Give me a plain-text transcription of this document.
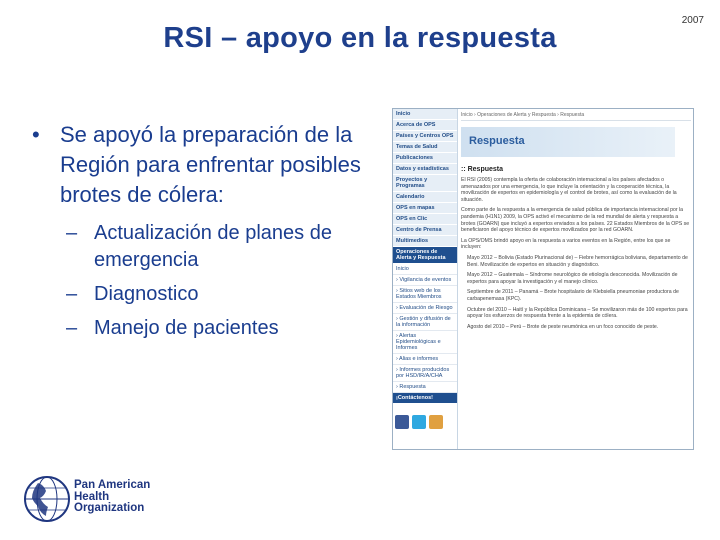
2007
RSI – apoyo en la respuesta
• Se apoyó la preparación de la Región para enfrentar posibles brotes de cólera:
– Actualización de planes de emergencia
– Diagnostico
– Manejo de pacientes
Inicio
Acerca de OPS
Países y Centros OPS
Temas de Salud
Publicaciones
Datos y estadísticas
Proyectos y Programas
Calendario
OPS en mapas
OPS en Clic
Centro de Prensa
Multimedios
Operaciones de Alerta y Respuesta
Inicio
› Vigilancia de eventos
› Sitios web de los Estados Miembros
› Evaluación de Riesgo
› Gestión y difusión de la información
› Alertas Epidemiológicas e Informes
› Alias e informes
› Informes producidos por HSD/IR/A/CHA
› Respuesta
¡Contáctenos!
Inicio › Operaciones de Alerta y Respuesta › Respuesta
Respuesta
:: Respuesta
El RSI (2005) contempla la oferta de colaboración internacional a los países afectados o amenazados por una emergencia, lo que incluye la orientación y la cooperación técnica, la movilización de expertos en epidemiología y el control de brotes, así como la evaluación de la situación.
Como parte de la respuesta a la emergencia de salud pública de importancia internacional por la pandemia (H1N1) 2009, la OPS activó el mecanismo de la red mundial de alerta y respuesta a brotes (GOARN) que incluyó a expertos enviados a los países. 22 Estados Miembros de la OPS se beneficiaron del apoyo técnico de expertos movilizados por la red GOARN.
La OPS/OMS brindó apoyo en la respuesta a varios eventos en la Región, entre los que se incluyen:
Mayo 2012 – Bolivia (Estado Plurinacional de) – Fiebre hemorrágica boliviana, departamento de Beni. Movilización de expertos en situación y diagnóstico.
Mayo 2012 – Guatemala – Síndrome neurológico de etiología desconocida. Movilización de expertos para apoyar la investigación y el manejo clínico.
Septiembre de 2011 – Panamá – Brote hospitalario de Klebsiella pneumoniae productora de carbapenemasa (KPC).
Octubre del 2010 – Haití y la República Dominicana – Se movilizaron más de 100 expertos para apoyar los esfuerzos de respuesta frente a la epidemia de cólera.
Agosto del 2010 – Perú – Brote de peste neumónica en un foco conocido de peste.
Pan American
Health
Organization
